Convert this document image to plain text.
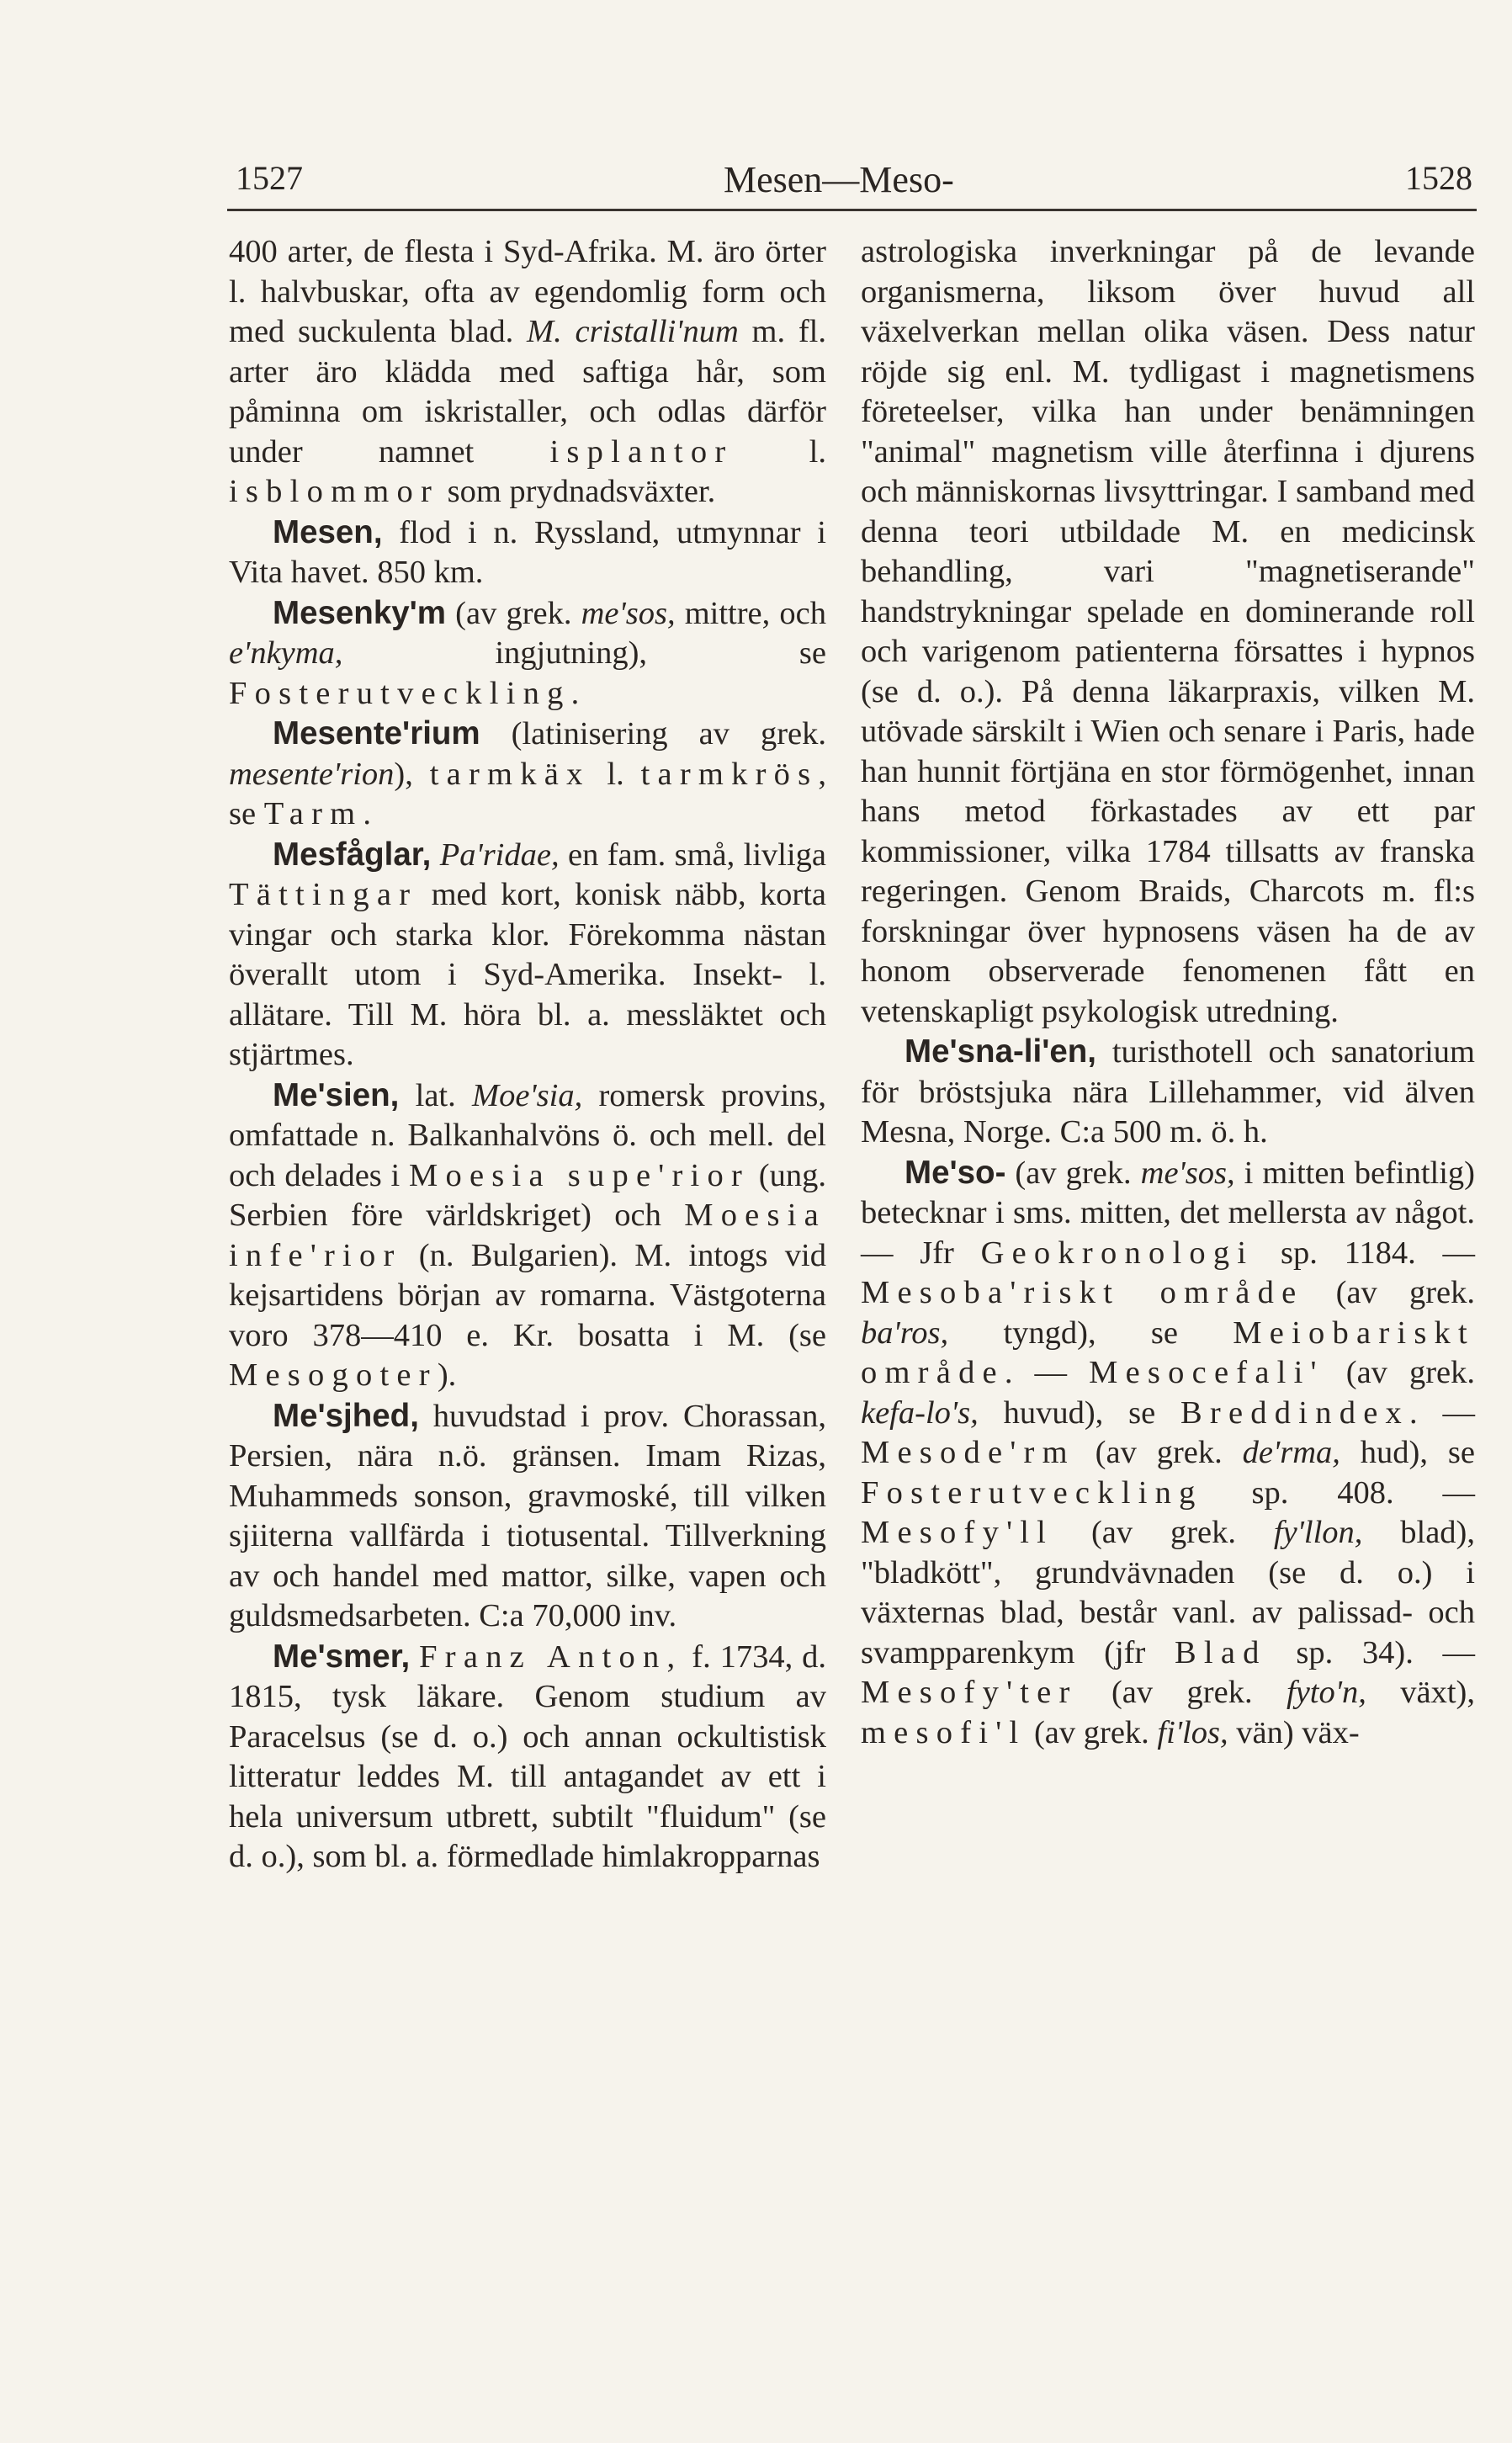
1527	Mesen—Meso-	1528

400 arter, de flesta i Syd-Afrika. M. äro örter l. halvbuskar, ofta av egendomlig form och med suckulenta blad. M. cristalli'num m. fl. arter äro klädda med saftiga hår, som påminna om iskristaller, och odlas därför under namnet isplantor l. isblommor som prydnadsväxter.

Mesen, flod i n. Ryssland, utmynnar i Vita havet. 850 km.

Mesenky'm (av grek. me'sos, mittre, och e'nkyma, ingjutning), se Fosterutveckling.

Mesente'rium (latinisering av grek. mesente'rion), tarmkäx l. tarmkrös, se Tarm.

Mesfåglar, Pa'ridae, en fam. små, livliga Tättingar med kort, konisk näbb, korta vingar och starka klor. Förekomma nästan överallt utom i Syd-Amerika. Insekt- l. allätare. Till M. höra bl. a. messläktet och stjärtmes.

Me'sien, lat. Moe'sia, romersk provins, omfattade n. Balkanhalvöns ö. och mell. del och delades i Moesia supe'rior (ung. Serbien före världskriget) och Moesia infe'rior (n. Bulgarien). M. intogs vid kejsartidens början av romarna. Västgoterna voro 378—410 e. Kr. bosatta i M. (se Mesogoter).

Me'sjhed, huvudstad i prov. Chorassan, Persien, nära n.ö. gränsen. Imam Rizas, Muhammeds sonson, gravmoské, till vilken sjiiterna vallfärda i tiotusental. Tillverkning av och handel med mattor, silke, vapen och guldsmedsarbeten. C:a 70,000 inv.

Me'smer, Franz Anton, f. 1734, d. 1815, tysk läkare. Genom studium av Paracelsus (se d. o.) och annan ockultistisk litteratur leddes M. till antagandet av ett i hela universum utbrett, subtilt "fluidum" (se d. o.), som bl. a. förmedlade himlakropparnas

astrologiska inverkningar på de levande organismerna, liksom över huvud all växelverkan mellan olika väsen. Dess natur röjde sig enl. M. tydligast i magnetismens företeelser, vilka han under benämningen "animal" magnetism ville återfinna i djurens och människornas livsyttringar. I samband med denna teori utbildade M. en medicinsk behandling, vari "magnetiserande" handstrykningar spelade en dominerande roll och varigenom patienterna försattes i hypnos (se d. o.). På denna läkarpraxis, vilken M. utövade särskilt i Wien och senare i Paris, hade han hunnit förtjäna en stor förmögenhet, innan hans metod förkastades av ett par kommissioner, vilka 1784 tillsatts av franska regeringen. Genom Braids, Charcots m. fl:s forskningar över hypnosens väsen ha de av honom observerade fenomenen fått en vetenskapligt psykologisk utredning.

Me'sna-li'en, turisthotell och sanatorium för bröstsjuka nära Lillehammer, vid älven Mesna, Norge. C:a 500 m. ö. h.

Me'so- (av grek. me'sos, i mitten befintlig) betecknar i sms. mitten, det mellersta av något. — Jfr Geokronologi sp. 1184. — Mesoba'riskt område (av grek. ba'ros, tyngd), se Meiobariskt område. — Mesocefali' (av grek. kefa-lo's, huvud), se Breddindex. — Mesode'rm (av grek. de'rma, hud), se Fosterutveckling sp. 408. — Mesofy'll (av grek. fy'llon, blad), "bladkött", grundvävnaden (se d. o.) i växternas blad, består vanl. av palissad- och svampparenkym (jfr Blad sp. 34). — Mesofy'ter (av grek. fyto'n, växt), mesofi'l (av grek. fi'los, vän) väx-
